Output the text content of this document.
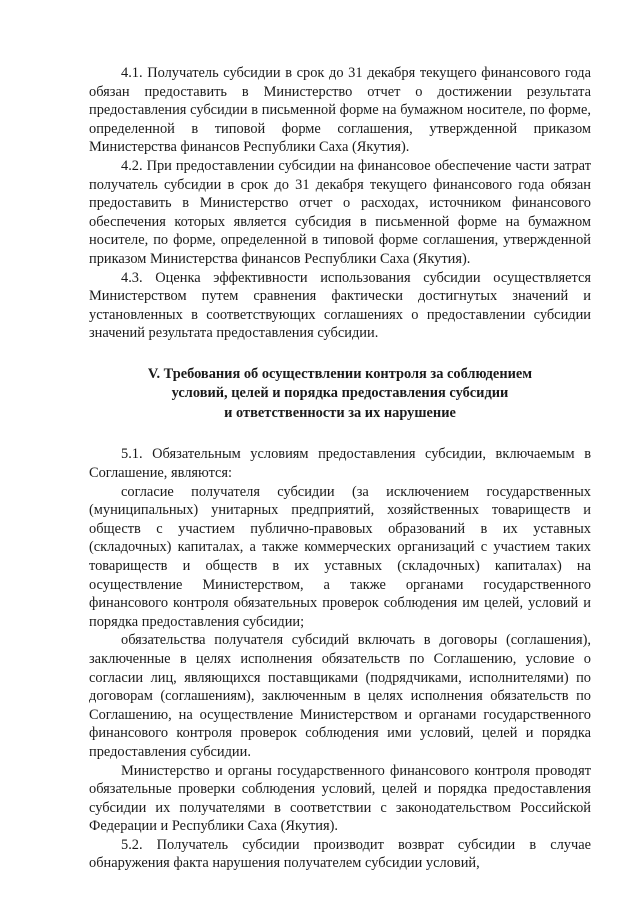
4.1. Получатель субсидии в срок до 31 декабря текущего финансового года обязан предоставить в Министерство отчет о достижении результата предоставления субсидии в письменной форме на бумажном носителе, по форме, определенной в типовой форме соглашения, утвержденной приказом Министерства финансов Республики Саха (Якутия).

4.2. При предоставлении субсидии на финансовое обеспечение части затрат получатель субсидии в срок до 31 декабря текущего финансового года обязан предоставить в Министерство отчет о расходах, источником финансового обеспечения которых является субсидия в письменной форме на бумажном носителе, по форме, определенной в типовой форме соглашения, утвержденной приказом Министерства финансов Республики Саха (Якутия).

4.3. Оценка эффективности использования субсидии осуществляется Министерством путем сравнения фактически достигнутых значений и установленных в соответствующих соглашениях о предоставлении субсидии значений результата предоставления субсидии.

V. Требования об осуществлении контроля за соблюдением
условий, целей и порядка предоставления субсидии
и ответственности за их нарушение

5.1. Обязательным условиям предоставления субсидии, включаемым в Соглашение, являются:

согласие получателя субсидии (за исключением государственных (муниципальных) унитарных предприятий, хозяйственных товариществ и обществ с участием публично-правовых образований в их уставных (складочных) капиталах, а также коммерческих организаций с участием таких товариществ и обществ в их уставных (складочных) капиталах) на осуществление Министерством, а также органами государственного финансового контроля обязательных проверок соблюдения им целей, условий и порядка предоставления субсидии;

обязательства получателя субсидий включать в договоры (соглашения), заключенные в целях исполнения обязательств по Соглашению, условие о согласии лиц, являющихся поставщиками (подрядчиками, исполнителями) по договорам (соглашениям), заключенным в целях исполнения обязательств по Соглашению, на осуществление Министерством и органами государственного финансового контроля проверок соблюдения ими условий, целей и порядка предоставления субсидии.

Министерство и органы государственного финансового контроля проводят обязательные проверки соблюдения условий, целей и порядка предоставления субсидии их получателями в соответствии с законодательством Российской Федерации и Республики Саха (Якутия).

5.2. Получатель субсидии производит возврат субсидии в случае обнаружения факта нарушения получателем субсидии условий,
